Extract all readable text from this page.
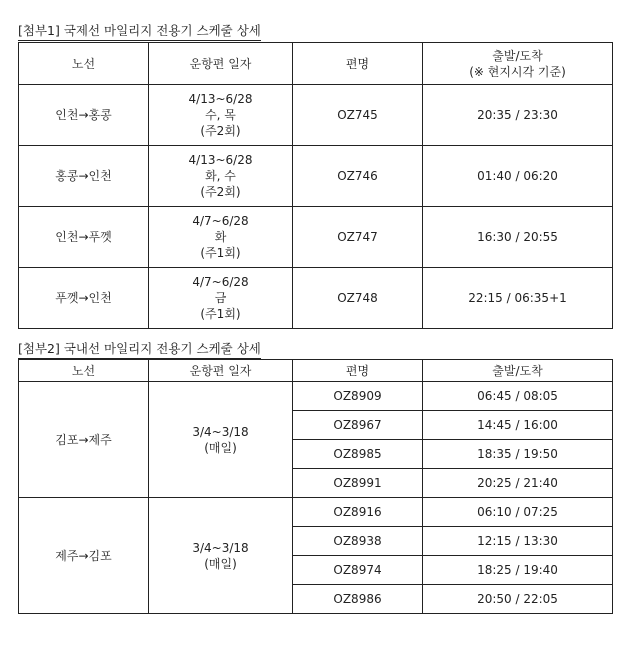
[첨부1] 국제선 마일리지 전용기 스케줄 상세
노선	운항편 일자	편명	출발/도착
(※ 현지시각 기준)
인천→홍콩	4/13~6/28
수, 목
(주2회)	OZ745	20:35 / 23:30
홍콩→인천	4/13~6/28
화, 수
(주2회)	OZ746	01:40 / 06:20
인천→푸껫	4/7~6/28
화
(주1회)	OZ747	16:30 / 20:55
푸껫→인천	4/7~6/28
금
(주1회)	OZ748	22:15 / 06:35+1
[첨부2] 국내선 마일리지 전용기 스케줄 상세
노선	운항편 일자	편명	출발/도착
김포→제주	3/4~3/18
(매일)	OZ8909	06:45 / 08:05
		OZ8967	14:45 / 16:00
		OZ8985	18:35 / 19:50
		OZ8991	20:25 / 21:40
제주→김포	3/4~3/18
(매일)	OZ8916	06:10 / 07:25
		OZ8938	12:15 / 13:30
		OZ8974	18:25 / 19:40
		OZ8986	20:50 / 22:05
